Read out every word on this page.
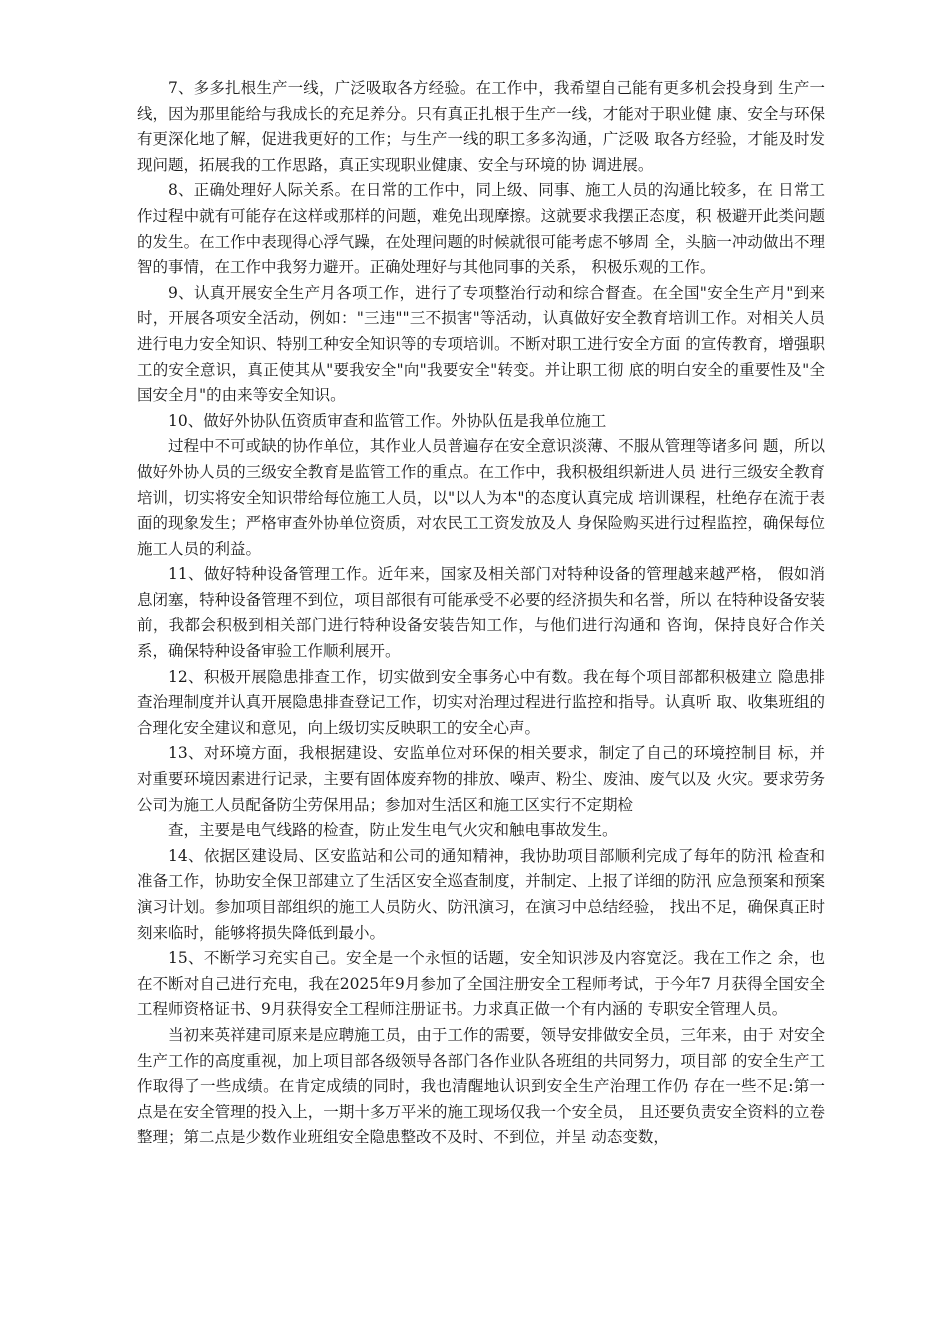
7、多多扎根生产一线，广泛吸取各方经验。在工作中，我希望自己能有更多机会投身到 生产一线，因为那里能给与我成长的充足养分。只有真正扎根于生产一线，才能对于职业健 康、安全与环保有更深化地了解，促进我更好的工作；与生产一线的职工多多沟通，广泛吸 取各方经验，才能及时发现问题，拓展我的工作思路，真正实现职业健康、安全与环境的协 调进展。

8、正确处理好人际关系。在日常的工作中，同上级、同事、施工人员的沟通比较多，在 日常工作过程中就有可能存在这样或那样的问题，难免出现摩擦。这就要求我摆正态度，积 极避开此类问题的发生。在工作中表现得心浮气躁，在处理问题的时候就很可能考虑不够周 全，头脑一冲动做出不理智的事情，在工作中我努力避开。正确处理好与其他同事的关系， 积极乐观的工作。

9、认真开展安全生产月各项工作，进行了专项整治行动和综合督查。在全国"安全生产月"到来时，开展各项安全活动，例如："三违""三不损害"等活动，认真做好安全教育培训工作。对相关人员进行电力安全知识、特别工种安全知识等的专项培训。不断对职工进行安全方面 的宣传教育，增强职工的安全意识，真正使其从"要我安全"向"我要安全"转变。并让职工彻 底的明白安全的重要性及"全国安全月"的由来等安全知识。

10、做好外协队伍资质审查和监管工作。外协队伍是我单位施工

过程中不可或缺的协作单位，其作业人员普遍存在安全意识淡薄、不服从管理等诸多问 题，所以做好外协人员的三级安全教育是监管工作的重点。在工作中，我积极组织新进人员 进行三级安全教育培训，切实将安全知识带给每位施工人员，以"以人为本"的态度认真完成 培训课程，杜绝存在流于表面的现象发生；严格审查外协单位资质，对农民工工资发放及人 身保险购买进行过程监控，确保每位施工人员的利益。

11、做好特种设备管理工作。近年来，国家及相关部门对特种设备的管理越来越严格， 假如消息闭塞，特种设备管理不到位，项目部很有可能承受不必要的经济损失和名誉，所以 在特种设备安装前，我都会积极到相关部门进行特种设备安装告知工作，与他们进行沟通和 咨询，保持良好合作关系，确保特种设备审验工作顺利展开。

12、积极开展隐患排查工作，切实做到安全事务心中有数。我在每个项目部都积极建立 隐患排查治理制度并认真开展隐患排查登记工作，切实对治理过程进行监控和指导。认真听 取、收集班组的合理化安全建议和意见，向上级切实反映职工的安全心声。

13、对环境方面，我根据建设、安监单位对环保的相关要求，制定了自己的环境控制目 标，并对重要环境因素进行记录，主要有固体废弃物的排放、噪声、粉尘、废油、废气以及 火灾。要求劳务公司为施工人员配备防尘劳保用品；参加对生活区和施工区实行不定期检

查，主要是电气线路的检查，防止发生电气火灾和触电事故发生。

14、依据区建设局、区安监站和公司的通知精神，我协助项目部顺利完成了每年的防汛 检查和准备工作，协助安全保卫部建立了生活区安全巡查制度，并制定、上报了详细的防汛 应急预案和预案演习计划。参加项目部组织的施工人员防火、防汛演习，在演习中总结经验， 找出不足，确保真正时刻来临时，能够将损失降低到最小。

15、不断学习充实自己。安全是一个永恒的话题，安全知识涉及内容宽泛。我在工作之 余，也在不断对自己进行充电，我在2025年9月参加了全国注册安全工程师考试，于今年7 月获得全国安全工程师资格证书、9月获得安全工程师注册证书。力求真正做一个有内涵的 专职安全管理人员。

当初来英祥建司原来是应聘施工员，由于工作的需要，领导安排做安全员，三年来，由于 对安全生产工作的高度重视，加上项目部各级领导各部门各作业队各班组的共同努力，项目部 的安全生产工作取得了一些成绩。在肯定成绩的同时，我也清醒地认识到安全生产治理工作仍 存在一些不足:第一点是在安全管理的投入上，一期十多万平米的施工现场仅我一个安全员， 且还要负责安全资料的立卷整理；第二点是少数作业班组安全隐患整改不及时、不到位，并呈 动态变数，
